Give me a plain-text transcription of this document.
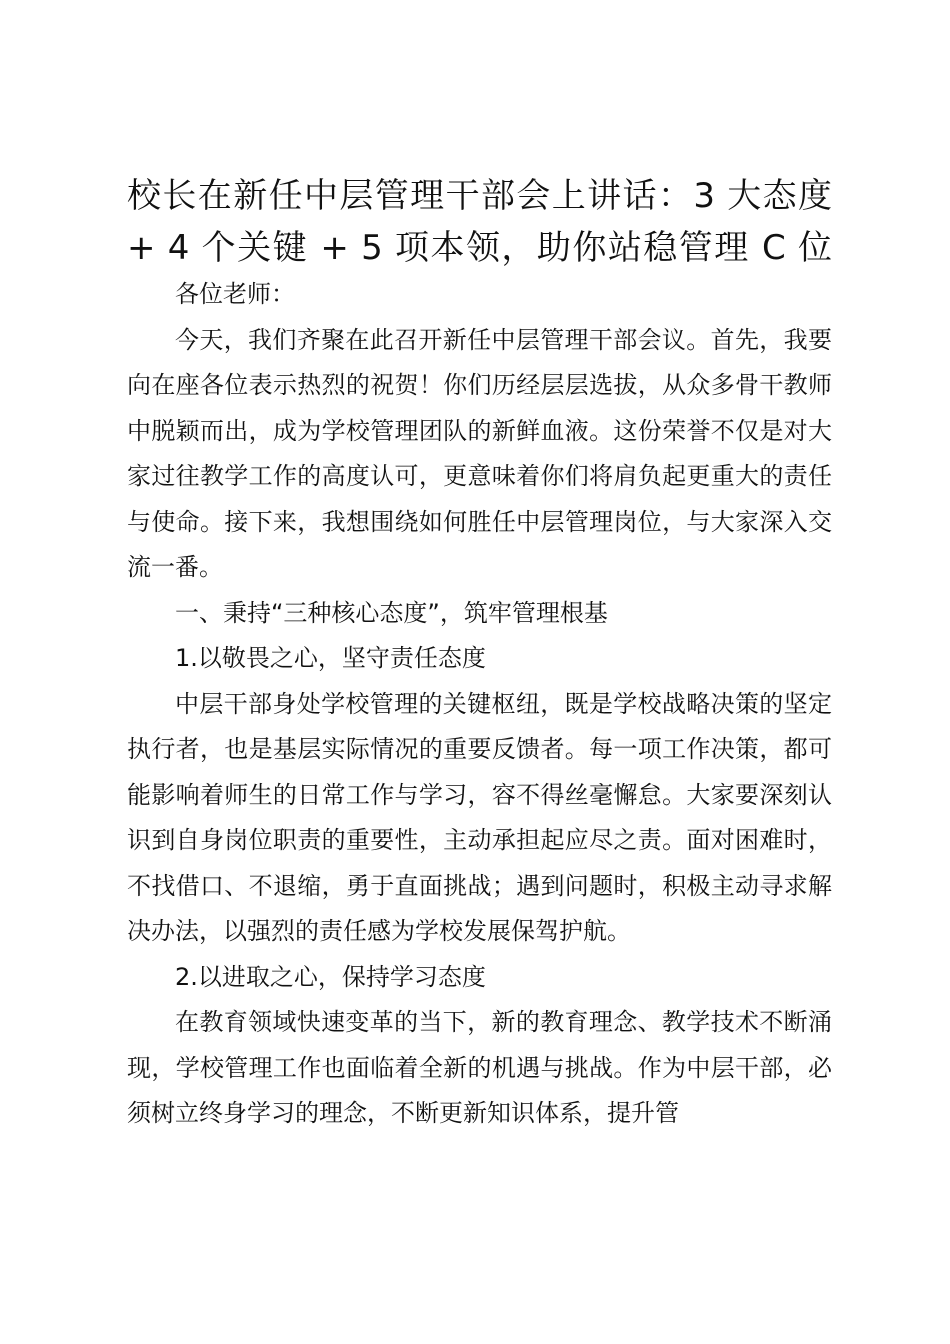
校长在新任中层管理干部会上讲话：3 大态度 + 4 个关键 + 5 项本领，助你站稳管理 C 位

各位老师：

今天，我们齐聚在此召开新任中层管理干部会议。首先，我要向在座各位表示热烈的祝贺！你们历经层层选拔，从众多骨干教师中脱颖而出，成为学校管理团队的新鲜血液。这份荣誉不仅是对大家过往教学工作的高度认可，更意味着你们将肩负起更重大的责任与使命。接下来，我想围绕如何胜任中层管理岗位，与大家深入交流一番。

一、秉持“三种核心态度”，筑牢管理根基

1.以敬畏之心，坚守责任态度

中层干部身处学校管理的关键枢纽，既是学校战略决策的坚定执行者，也是基层实际情况的重要反馈者。每一项工作决策，都可能影响着师生的日常工作与学习，容不得丝毫懈怠。大家要深刻认识到自身岗位职责的重要性，主动承担起应尽之责。面对困难时，不找借口、不退缩，勇于直面挑战；遇到问题时，积极主动寻求解决办法，以强烈的责任感为学校发展保驾护航。

2.以进取之心，保持学习态度

在教育领域快速变革的当下，新的教育理念、教学技术不断涌现，学校管理工作也面临着全新的机遇与挑战。作为中层干部，必须树立终身学习的理念，不断更新知识体系，提升管
